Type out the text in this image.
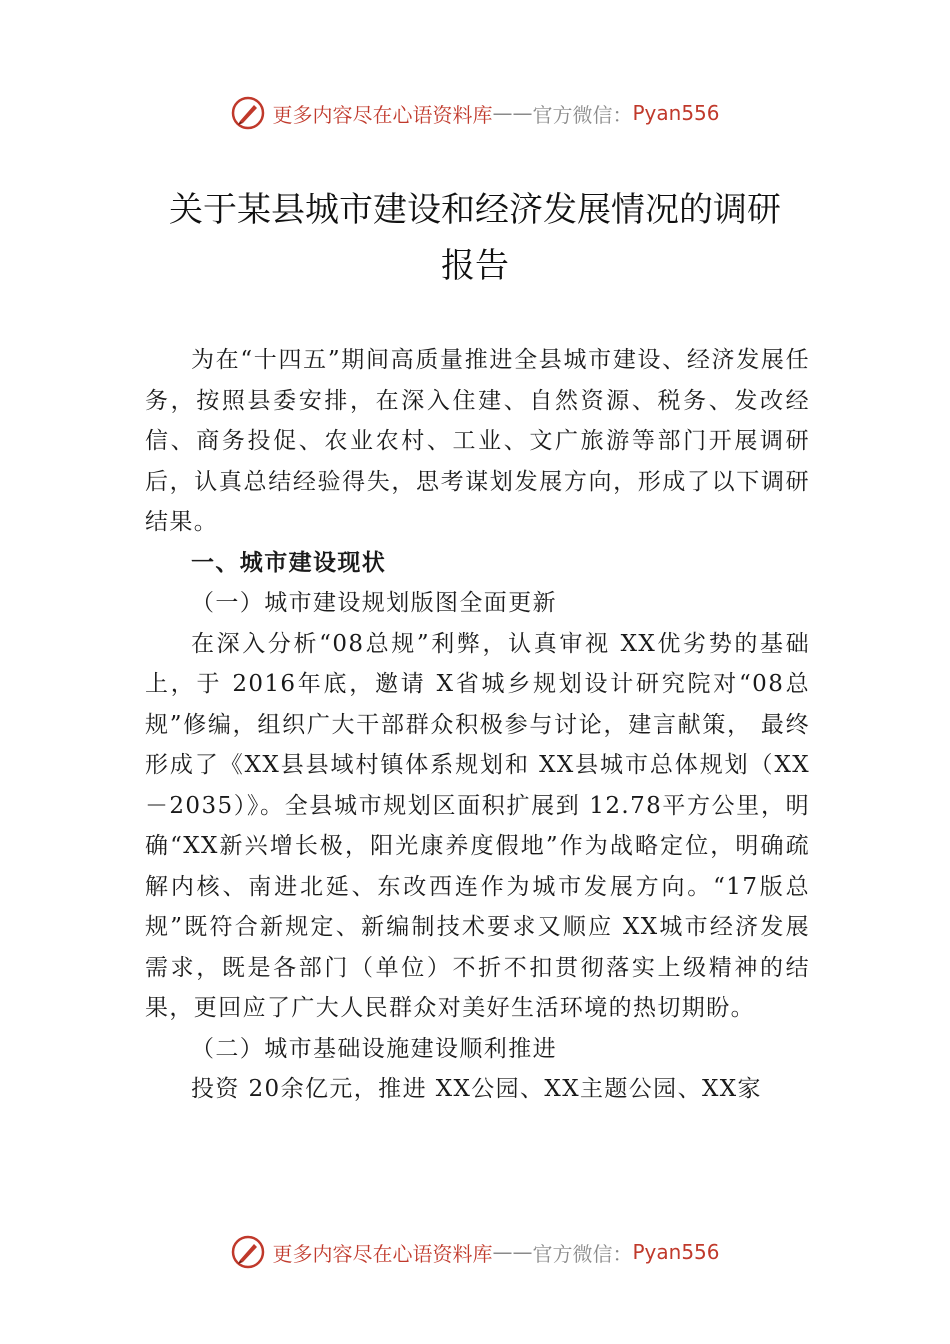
更多内容尽在心语资料库 —— 官方微信： Pyan556
关于某县城市建设和经济发展情况的调研
报告

为在“十四五”期间高质量推进全县城市建设、经济发展任务，按照县委安排，在深入住建、自然资源、税务、发改经信、商务投促、农业农村、工业、文广旅游等部门开展调研后，认真总结经验得失，思考谋划发展方向，形成了以下调研结果。

一、城市建设现状
（一）城市建设规划版图全面更新

在深入分析“08总规”利弊，认真审视 XX优劣势的基础上，于 2016年底，邀请 X省城乡规划设计研究院对“08总规”修编，组织广大干部群众积极参与讨论，建言献策， 最终形成了《XX县县域村镇体系规划和 XX县城市总体规划（XX－2035）》。全县城市规划区面积扩展到 12.78平方公里，明确“XX新兴增长极，阳光康养度假地”作为战略定位，明确疏解内核、南进北延、东改西连作为城市发展方向。“17版总规”既符合新规定、新编制技术要求又顺应 XX城市经济发展需求，既是各部门（单位）不折不扣贯彻落实上级精神的结果，更回应了广大人民群众对美好生活环境的热切期盼。

（二）城市基础设施建设顺利推进

投资 20余亿元，推进 XX公园、XX主题公园、XX家

更多内容尽在心语资料库 —— 官方微信： Pyan556
